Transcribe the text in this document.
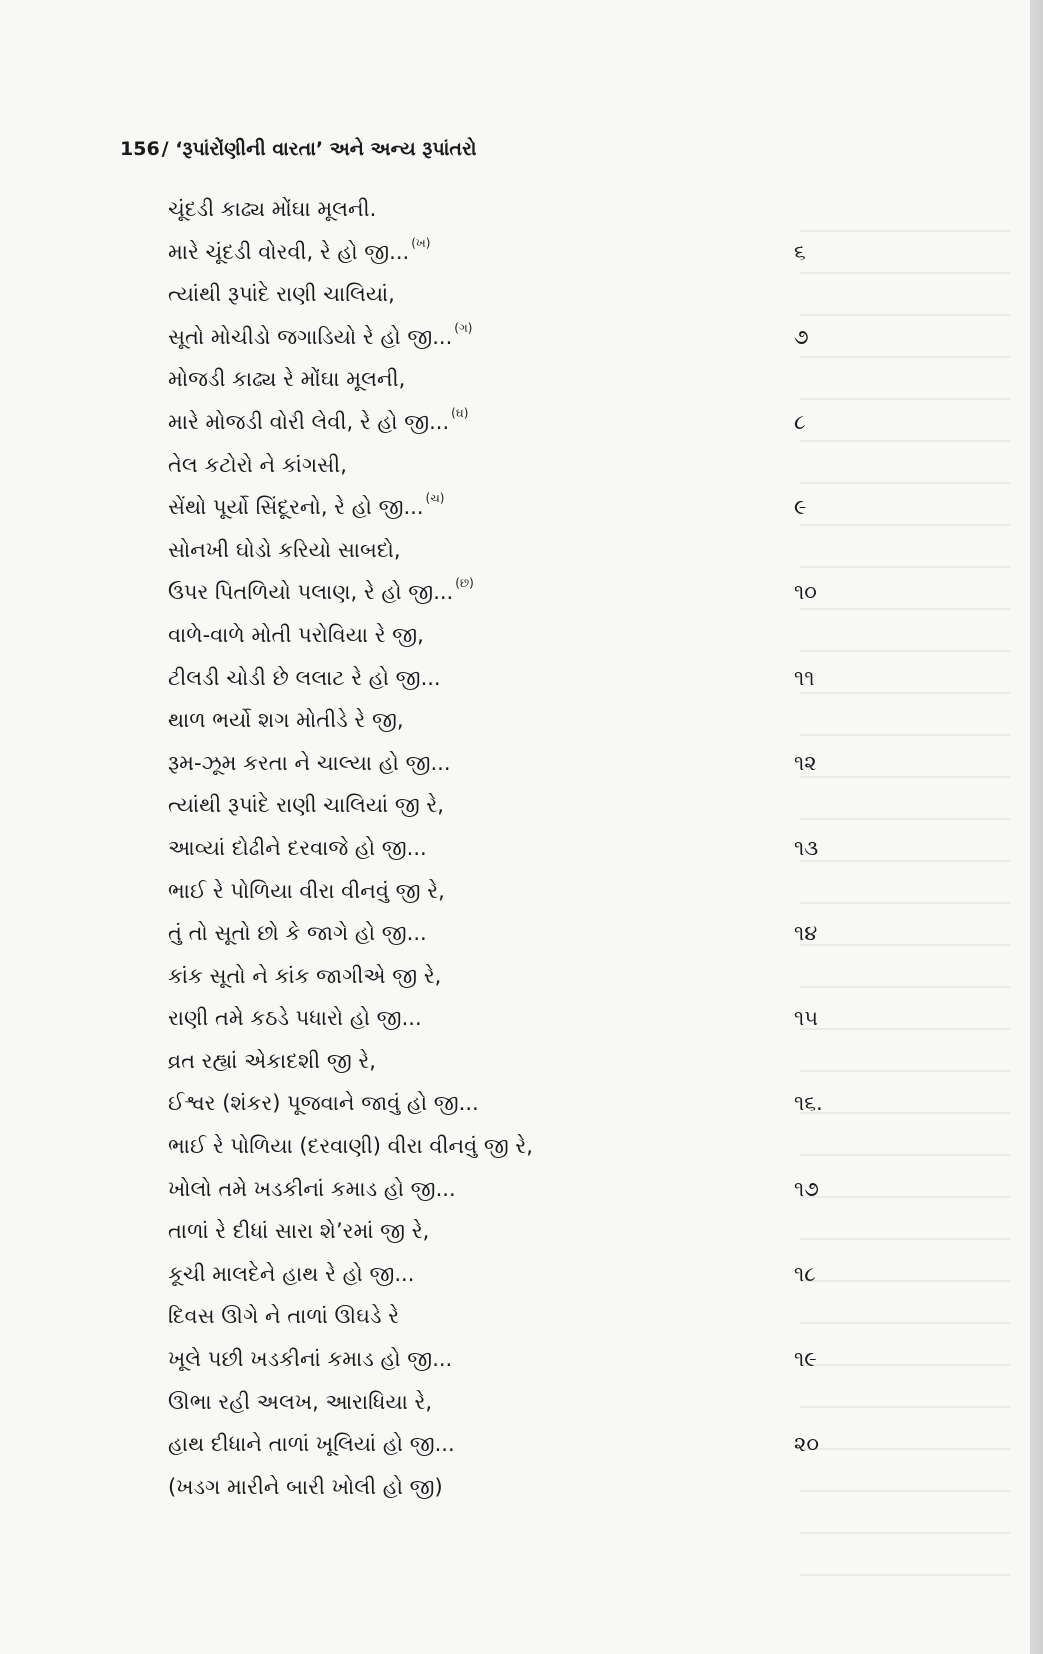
156 / ‘રૂપાંરોંણીની વારતા’ અને અન્ય રૂપાંતરો
ચૂંદડી કાઢ્ય મોંઘા મૂલની.
મારે ચૂંદડી વોરવી, રે હો જી... $^{(ખ)}$	૬
ત્યાંથી રૂપાંદે રાણી ચાલિયાં,
સૂતો મોચીડો જગાડિયો રે હો જી... $^{(ગ)}$	૭
મોજડી કાઢ્ય રે મોંઘા મૂલની,
મારે મોજડી વોરી લેવી, રે હો જી... $^{(ઘ)}$	૮
તેલ કટોરો ને કાંગસી,
સેંથો પૂર્યો સિંદૂરનો, રે હો જી... $^{(ચ)}$	૯
સોનખી ઘોડો કરિયો સાબદો,
ઉપર પિતળિયો પલાણ, રે હો જી... $^{(છ)}$	૧૦
વાળે-વાળે મોતી પરોવિયા રે જી,
ટીલડી ચોડી છે લલાટ રે હો જી...	૧૧
થાળ ભર્યો શગ મોતીડે રે જી,
રૂમ-ઝૂમ કરતા ને ચાલ્યા હો જી...	૧૨
ત્યાંથી રૂપાંદે રાણી ચાલિયાં જી રે,
આવ્યાં દોઢીને દરવાજે હો જી...	૧૩
ભાઈ રે પોળિયા વીરા વીનવું જી રે,
તું તો સૂતો છો કે જાગે હો જી...	૧૪
કાંક સૂતો ને કાંક જાગીએ જી રે,
રાણી તમે કઠડે પધારો હો જી...	૧૫
વ્રત રહ્યાં એકાદશી જી રે,
ઈશ્વર (શંકર) પૂજવાને જાવું હો જી...	૧૬.
ભાઈ રે પોળિયા (દરવાણી) વીરા વીનવું જી રે,
ખોલો તમે ખડકીનાં કમાડ હો જી...	૧૭
તાળાં રે દીધાં સારા શે’રમાં જી રે,
કૂચી માલદેને હાથ રે હો જી...	૧૮
દિવસ ઊગે ને તાળાં ઊઘડે રે
ખૂલે પછી ખડકીનાં કમાડ હો જી...	૧૯
ઊભા રહી અલખ, આરાધિયા રે,
હાથ દીધાને તાળાં ખૂલિયાં હો જી...	૨૦
(ખડગ મારીને બારી ખોલી હો જી)
